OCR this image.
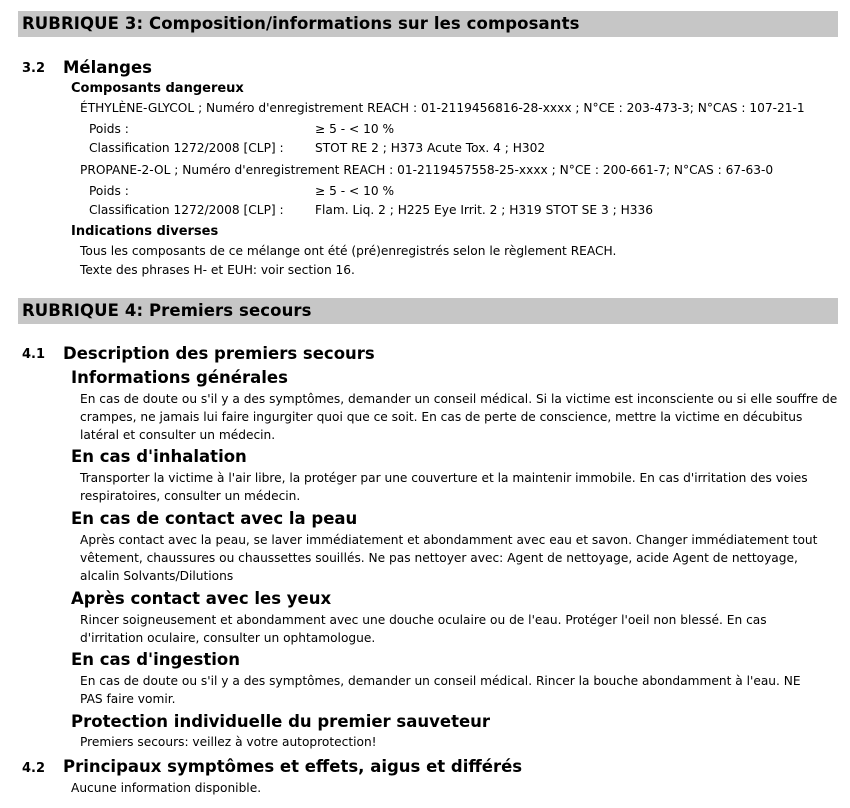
RUBRIQUE 3: Composition/informations sur les composants
3.2 Mélanges
Composants dangereux
ÉTHYLÈNE-GLYCOL ; Numéro d'enregistrement REACH : 01-2119456816-28-xxxx ; N°CE : 203-473-3; N°CAS : 107-21-1
Poids :	≥ 5 - < 10 %
Classification 1272/2008 [CLP] :	STOT RE 2 ; H373 Acute Tox. 4 ; H302
PROPANE-2-OL ; Numéro d'enregistrement REACH : 01-2119457558-25-xxxx ; N°CE : 200-661-7; N°CAS : 67-63-0
Poids :	≥ 5 - < 10 %
Classification 1272/2008 [CLP] :	Flam. Liq. 2 ; H225 Eye Irrit. 2 ; H319 STOT SE 3 ; H336
Indications diverses
Tous les composants de ce mélange ont été (pré)enregistrés selon le règlement REACH.
Texte des phrases H- et EUH: voir section 16.
RUBRIQUE 4: Premiers secours
4.1 Description des premiers secours
Informations générales
En cas de doute ou s'il y a des symptômes, demander un conseil médical. Si la victime est inconsciente ou si elle souffre de crampes, ne jamais lui faire ingurgiter quoi que ce soit. En cas de perte de conscience, mettre la victime en décubitus latéral et consulter un médecin.
En cas d'inhalation
Transporter la victime à l'air libre, la protéger par une couverture et la maintenir immobile. En cas d'irritation des voies respiratoires, consulter un médecin.
En cas de contact avec la peau
Après contact avec la peau, se laver immédiatement et abondamment avec eau et savon. Changer immédiatement tout vêtement, chaussures ou chaussettes souillés. Ne pas nettoyer avec: Agent de nettoyage, acide Agent de nettoyage, alcalin Solvants/Dilutions
Après contact avec les yeux
Rincer soigneusement et abondamment avec une douche oculaire ou de l'eau. Protéger l'oeil non blessé. En cas d'irritation oculaire, consulter un ophtamologue.
En cas d'ingestion
En cas de doute ou s'il y a des symptômes, demander un conseil médical. Rincer la bouche abondamment à l'eau. NE PAS faire vomir.
Protection individuelle du premier sauveteur
Premiers secours: veillez à votre autoprotection!
4.2 Principaux symptômes et effets, aigus et différés
Aucune information disponible.
